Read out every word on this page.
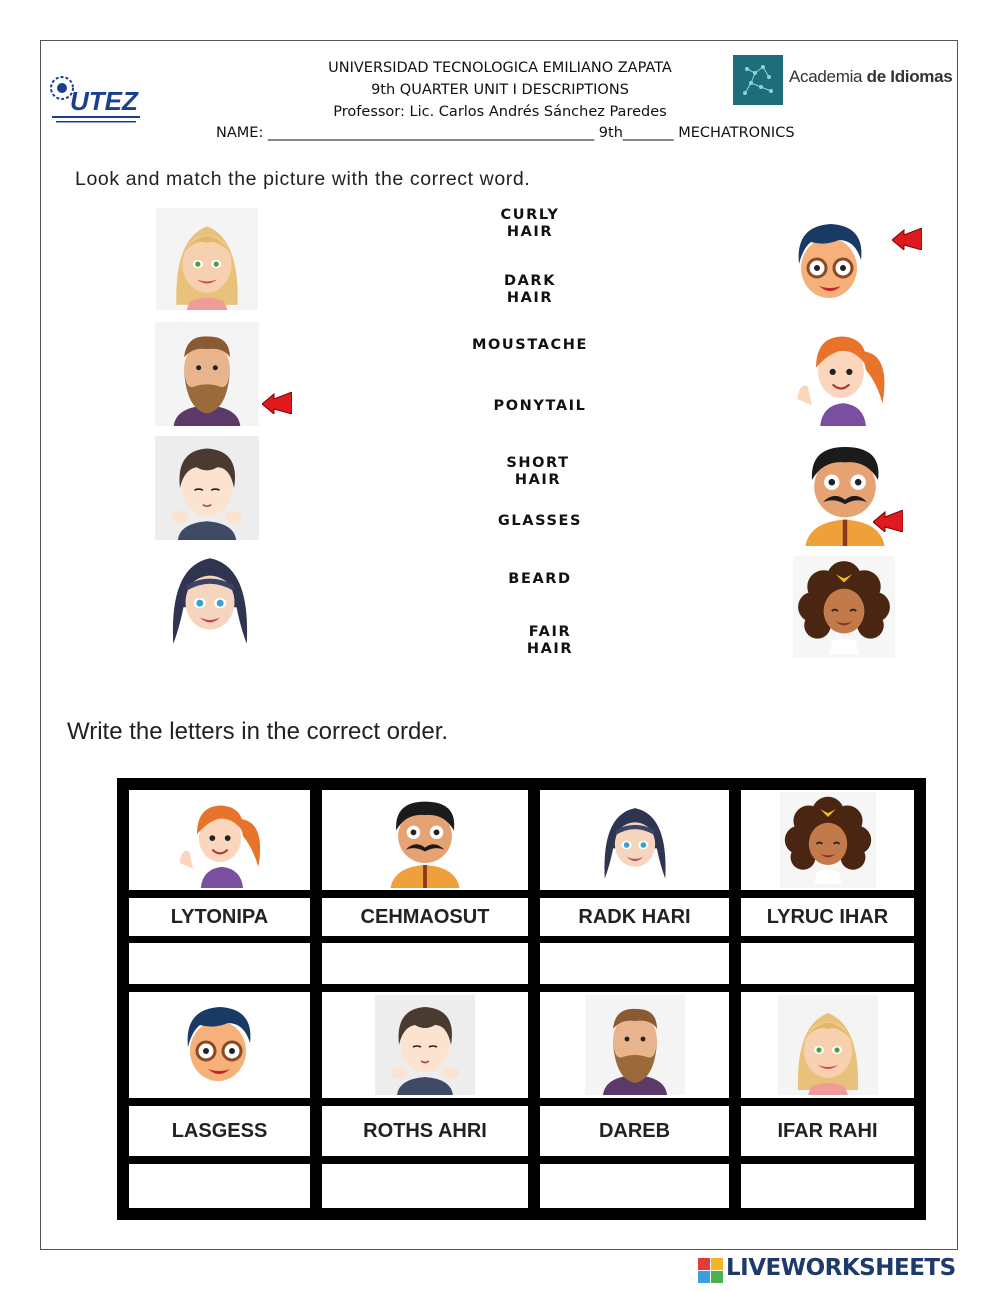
UTEZ
Academia de Idiomas
UNIVERSIDAD TECNOLOGICA EMILIANO ZAPATA
9th QUARTER UNIT I DESCRIPTIONS
Professor: Lic. Carlos Andrés Sánchez Paredes
NAME: _____________________________________________ 9th_______ MECHATRONICS
Look and match the picture with the correct word.
CURLY
HAIR
DARK
HAIR
MOUSTACHE
PONYTAIL
SHORT
HAIR
GLASSES
BEARD
FAIR
HAIR
Write the letters in the correct order.
LYTONIPA	CEHMAOSUT	RADK HARI	LYRUC IHAR
LASGESS	ROTHS AHRI	DAREB	IFAR RAHI
LIVEWORKSHEETS
